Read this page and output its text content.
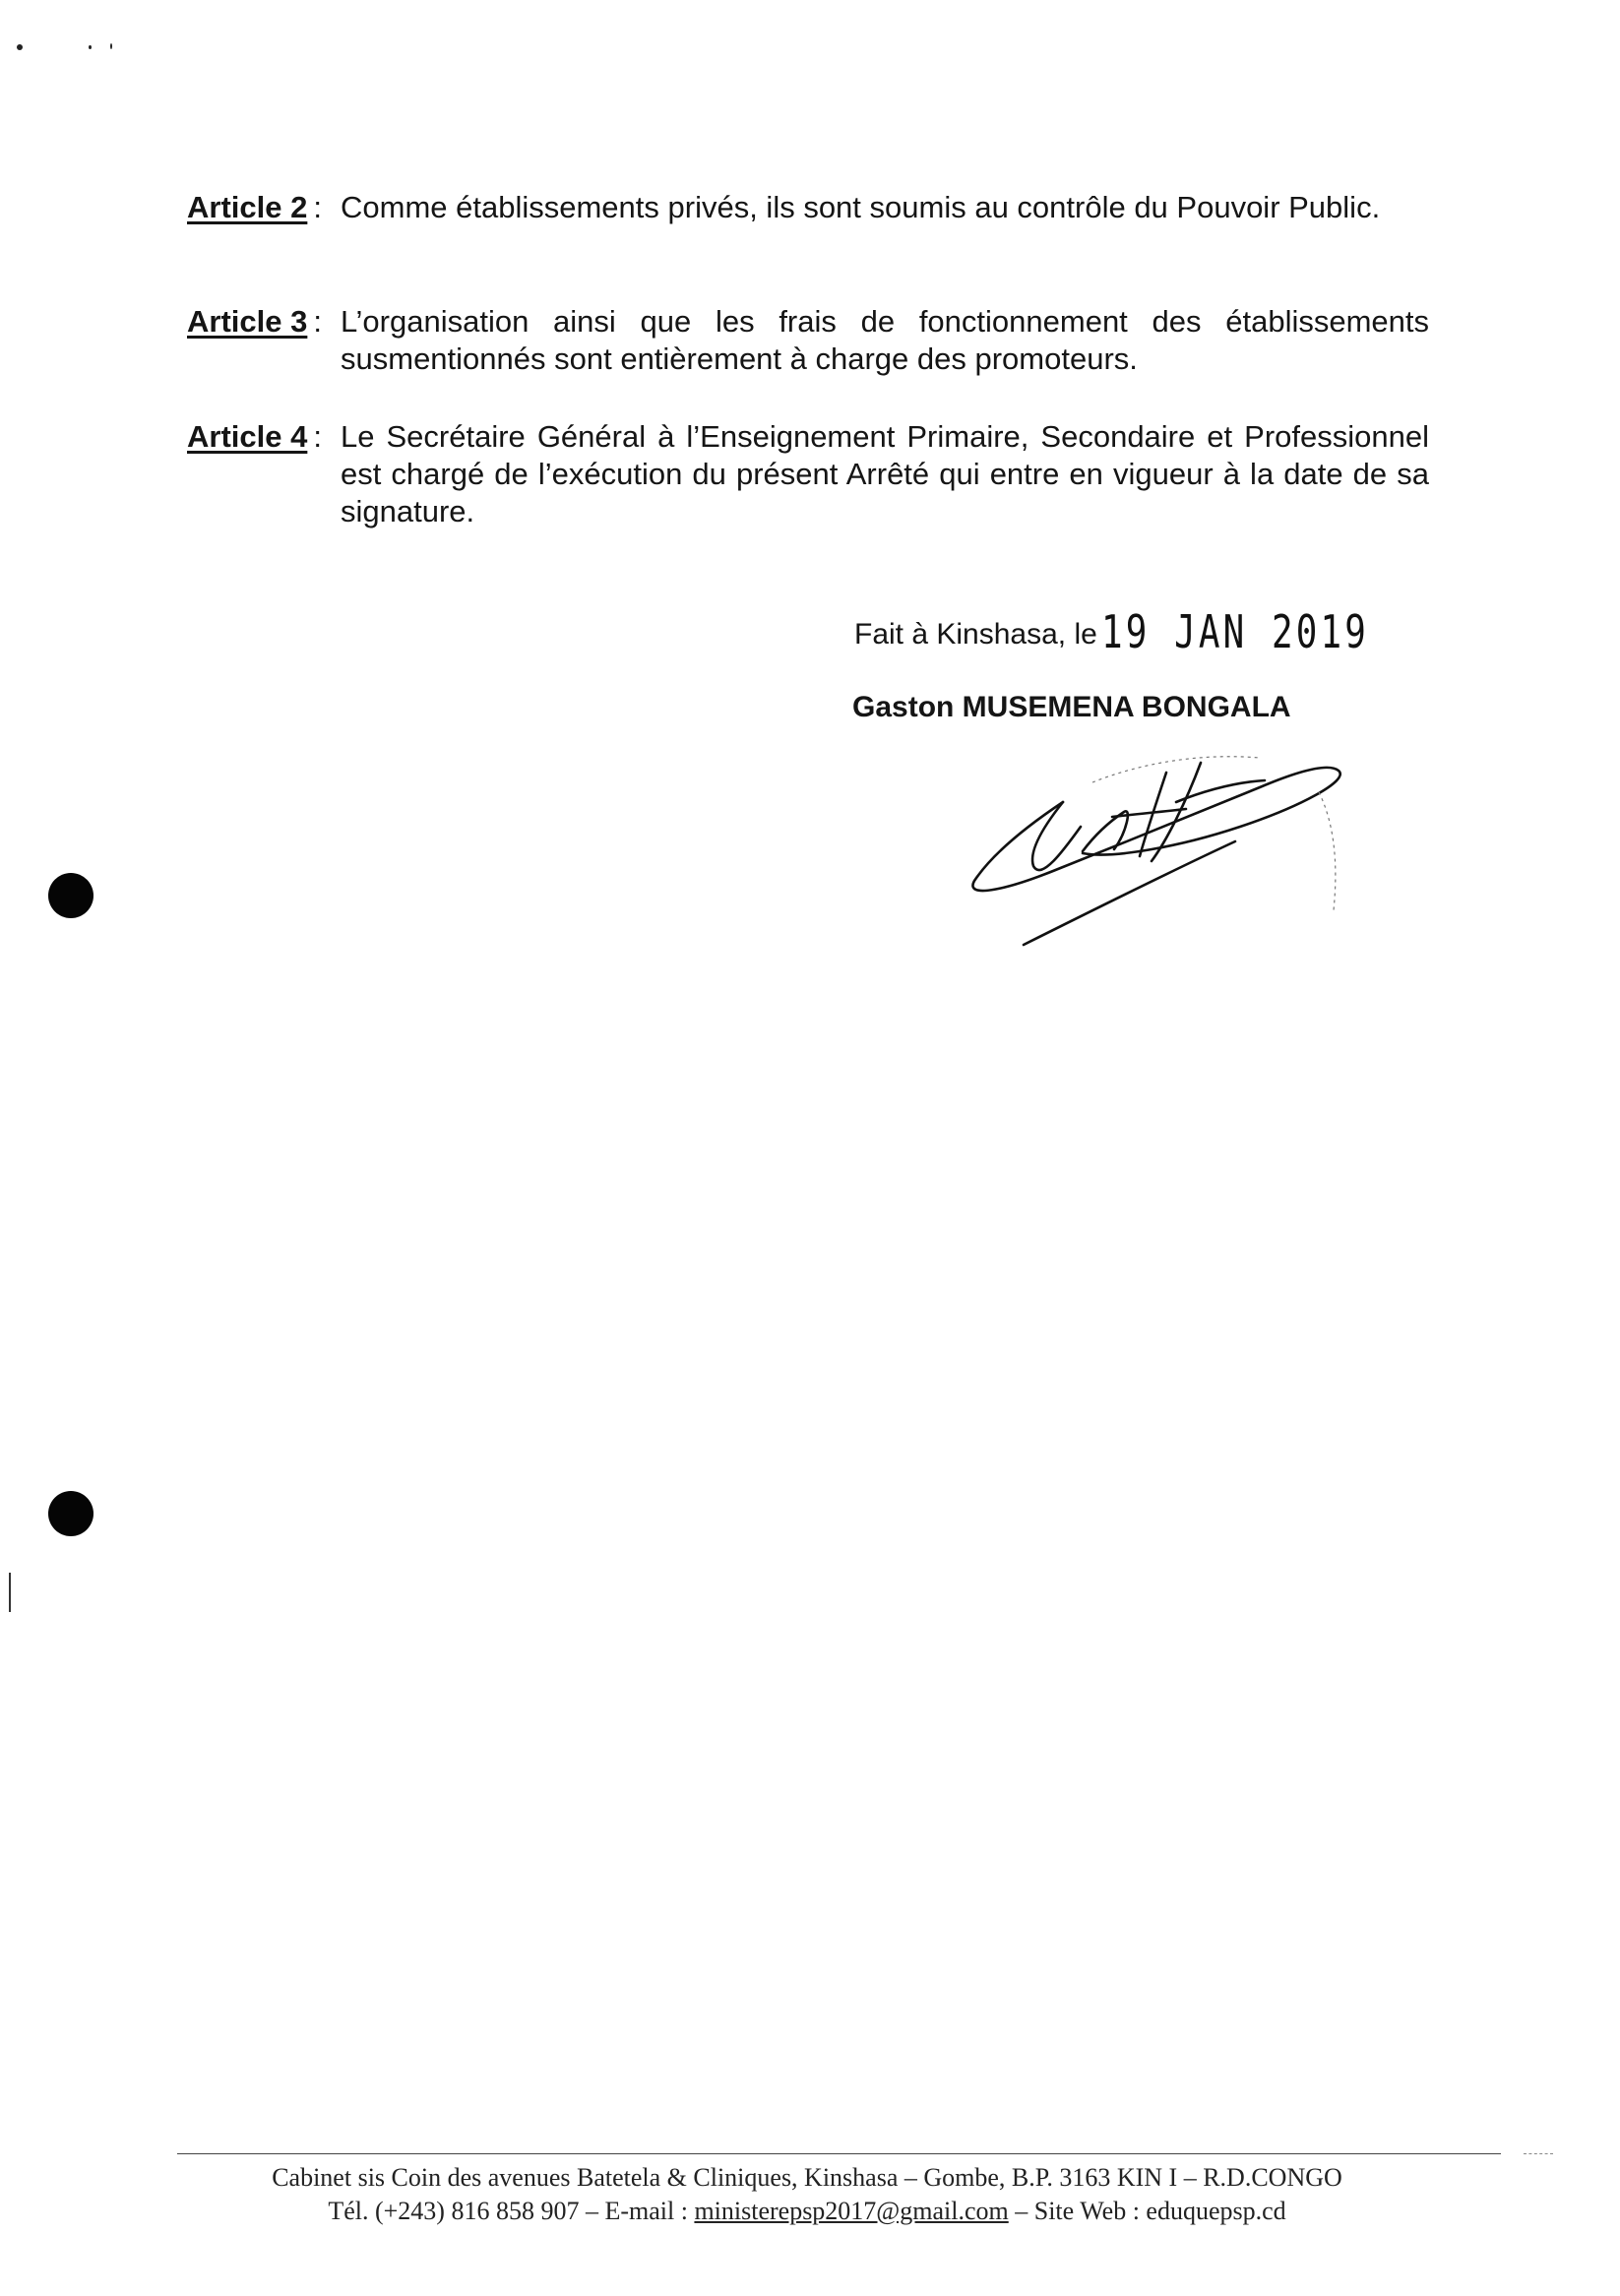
Article 2 : Comme établissements privés, ils sont soumis au contrôle du Pouvoir Public.
Article 3 : L’organisation ainsi que les frais de fonctionnement des établissements susmentionnés sont entièrement à charge des promoteurs.
Article 4 : Le Secrétaire Général à l’Enseignement Primaire, Secondaire et Professionnel est chargé de l’exécution du présent Arrêté qui entre en vigueur à la date de sa signature.
Fait à Kinshasa, le19 JAN 2019
Gaston MUSEMENA BONGALA
Cabinet sis Coin des avenues Batetela & Cliniques, Kinshasa – Gombe, B.P. 3163 KIN I – R.D.CONGO
Tél. (+243) 816 858 907 – E-mail : ministerepsp2017@gmail.com – Site Web : eduquepsp.cd
